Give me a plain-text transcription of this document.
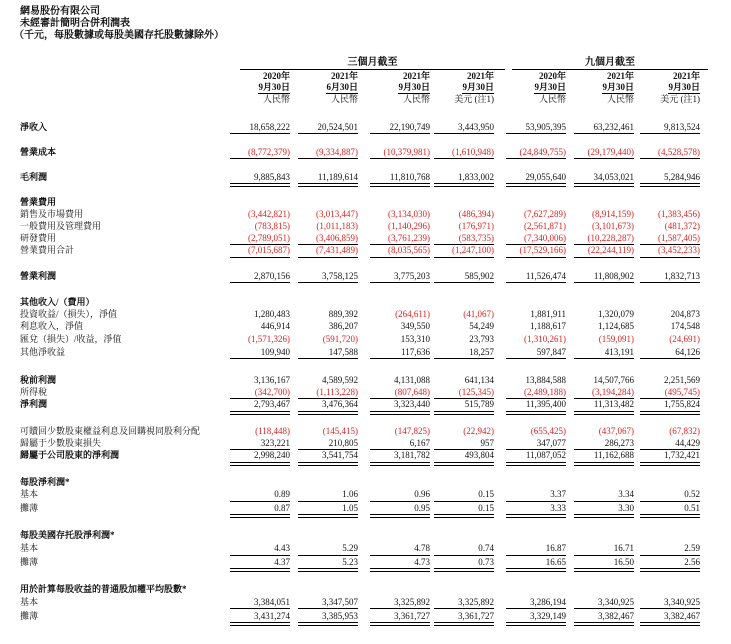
網易股份有限公司
未經審計簡明合併利潤表
（千元，每股數據或每股美國存托股數據除外）
三個月截至	九個月截至
2020年
9月30日
人民幣
2021年
6月30日
人民幣
2021年
9月30日
人民幣
2021年
9月30日
美元 (注1)
2020年
9月30日
人民幣
2021年
9月30日
人民幣
2021年
9月30日
美元 (注1)
淨收入	18,658,222	20,524,501	22,190,749	3,443,950	53,905,395	63,232,461	9,813,524
營業成本	(8,772,379)	(9,334,887)	(10,379,981)	(1,610,948)	(24,849,755)	(29,179,440)	(4,528,578)
毛利潤	9,885,843	11,189,614	11,810,768	1,833,002	29,055,640	34,053,021	5,284,946
營業費用
銷售及市場費用	(3,442,821)	(3,013,447)	(3,134,030)	(486,394)	(7,627,289)	(8,914,159)	(1,383,456)
一般費用及管理費用	(783,815)	(1,011,183)	(1,140,296)	(176,971)	(2,561,871)	(3,101,673)	(481,372)
研發費用	(2,789,051)	(3,406,859)	(3,761,239)	(583,735)	(7,340,006)	(10,228,287)	(1,587,405)
營業費用合計	(7,015,687)	(7,431,489)	(8,035,565)	(1,247,100)	(17,529,166)	(22,244,119)	(3,452,233)
營業利潤	2,870,156	3,758,125	3,775,203	585,902	11,526,474	11,808,902	1,832,713
其他收入/（費用）
投資收益/（損失），淨值	1,280,483	889,392	(264,611)	(41,067)	1,881,911	1,320,079	204,873
利息收入，淨值	446,914	386,207	349,550	54,249	1,188,617	1,124,685	174,548
匯兌（損失）/收益，淨值	(1,571,326)	(591,720)	153,310	23,793	(1,310,261)	(159,091)	(24,691)
其他淨收益	109,940	147,588	117,636	18,257	597,847	413,191	64,126
稅前利潤	3,136,167	4,589,592	4,131,088	641,134	13,884,588	14,507,766	2,251,569
所得稅	(342,700)	(1,113,228)	(807,648)	(125,345)	(2,489,188)	(3,194,284)	(495,745)
淨利潤	2,793,467	3,476,364	3,323,440	515,789	11,395,400	11,313,482	1,755,824
可贖回少數股東權益利息及回購視同股利分配	(118,448)	(145,415)	(147,825)	(22,942)	(655,425)	(437,067)	(67,832)
歸屬于少數股東損失	323,221	210,805	6,167	957	347,077	286,273	44,429
歸屬于公司股東的淨利潤	2,998,240	3,541,754	3,181,782	493,804	11,087,052	11,162,688	1,732,421
每股淨利潤*
基本	0.89	1.06	0.96	0.15	3.37	3.34	0.52
攤薄	0.87	1.05	0.95	0.15	3.33	3.30	0.51
每股美國存托股淨利潤*
基本	4.43	5.29	4.78	0.74	16.87	16.71	2.59
攤薄	4.37	5.23	4.73	0.73	16.65	16.50	2.56
用於計算每股收益的普通股加權平均股數*
基本	3,384,051	3,347,507	3,325,892	3,325,892	3,286,194	3,340,925	3,340,925
攤薄	3,431,274	3,385,953	3,361,727	3,361,727	3,329,149	3,382,467	3,382,467
